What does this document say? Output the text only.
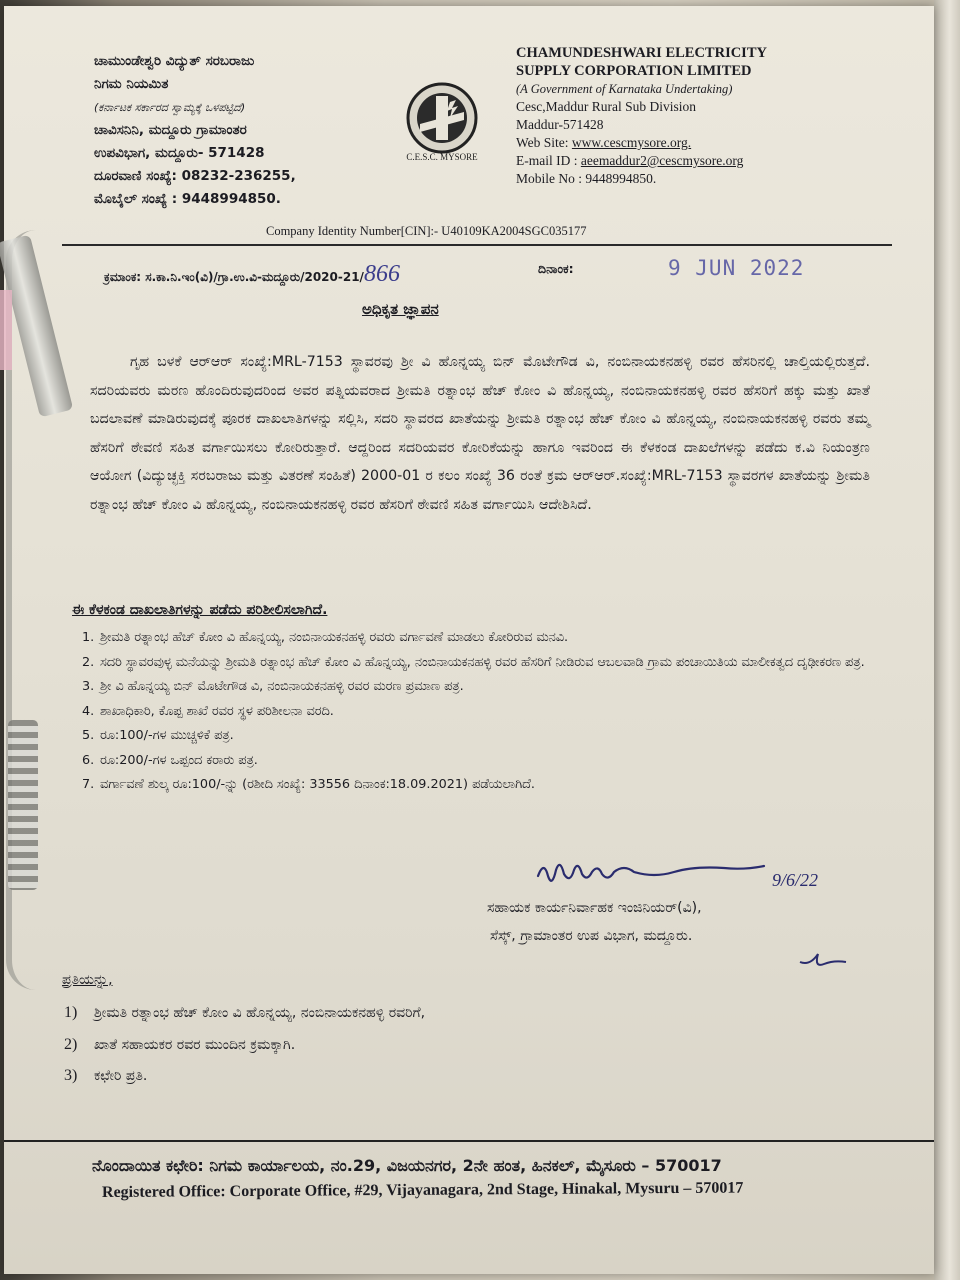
ಚಾಮುಂಡೇಶ್ವರಿ ವಿದ್ಯುತ್ ಸರಬರಾಜು
ನಿಗಮ ನಿಯಮಿತ
(ಕರ್ನಾಟಕ ಸರ್ಕಾರದ ಸ್ವಾಮ್ಯಕ್ಕೆ ಒಳಪಟ್ಟಿದೆ)
ಚಾವಿಸನಿನಿ, ಮದ್ದೂರು ಗ್ರಾಮಾಂತರ
ಉಪವಿಭಾಗ, ಮದ್ದೂರು- 571428
ದೂರವಾಣಿ ಸಂಖ್ಯೆ: 08232-236255,
ಮೊಬೈಲ್ ಸಂಖ್ಯೆ : 9448994850.
C.E.S.C. MYSORE
CHAMUNDESHWARI ELECTRICITY
SUPPLY CORPORATION LIMITED
(A Government of Karnataka Undertaking)
Cesc,Maddur Rural Sub Division
Maddur-571428
Web Site: www.cescmysore.org.
E-mail ID : aeemaddur2@cescmysore.org
Mobile No : 9448994850.
Company Identity Number[CIN]:- U40109KA2004SGC035177
ಕ್ರಮಾಂಕ: ಸ.ಕಾ.ನಿ.ಇಂ(ವಿ)/ಗ್ರಾ.ಉ.ವಿ-ಮದ್ದೂರು/2020-21/866	ದಿನಾಂಕ:	9 JUN 2022
ಅಧಿಕೃತ ಜ್ಞಾಪನ
ಗೃಹ ಬಳಕೆ ಆರ್‌ಆರ್ ಸಂಖ್ಯೆ:MRL-7153 ಸ್ಥಾವರವು ಶ್ರೀ ವಿ ಹೊನ್ನಯ್ಯ ಬಿನ್ ಮೊಟೇಗೌಡ ವಿ, ನಂಬಿನಾಯಕನಹಳ್ಳಿ ರವರ ಹೆಸರಿನಲ್ಲಿ ಚಾಲ್ತಿಯಲ್ಲಿರುತ್ತದೆ. ಸದರಿಯವರು ಮರಣ ಹೊಂದಿರುವುದರಿಂದ ಅವರ ಪತ್ನಿಯವರಾದ ಶ್ರೀಮತಿ ರತ್ನಾಂಭ ಹೆಚ್ ಕೋಂ ವಿ ಹೊನ್ನಯ್ಯ, ನಂಬಿನಾಯಕನಹಳ್ಳಿ ರವರ ಹೆಸರಿಗೆ ಹಕ್ಕು ಮತ್ತು ಖಾತೆ ಬದಲಾವಣೆ ಮಾಡಿರುವುದಕ್ಕೆ ಪೂರಕ ದಾಖಲಾತಿಗಳನ್ನು ಸಲ್ಲಿಸಿ, ಸದರಿ ಸ್ಥಾವರದ ಖಾತೆಯನ್ನು ಶ್ರೀಮತಿ ರತ್ನಾಂಭ ಹೆಚ್ ಕೋಂ ವಿ ಹೊನ್ನಯ್ಯ, ನಂಬಿನಾಯಕನಹಳ್ಳಿ ರವರು ತಮ್ಮ ಹೆಸರಿಗೆ ಠೇವಣಿ ಸಹಿತ ವರ್ಗಾಯಿಸಲು ಕೋರಿರುತ್ತಾರೆ. ಆದ್ದರಿಂದ ಸದರಿಯವರ ಕೋರಿಕೆಯನ್ನು ಹಾಗೂ ಇವರಿಂದ ಈ ಕೆಳಕಂಡ ದಾಖಲೆಗಳನ್ನು ಪಡೆದು ಕ.ವಿ ನಿಯಂತ್ರಣ ಆಯೋಗ (ವಿದ್ಯುಚ್ಛಕ್ತಿ ಸರಬರಾಜು ಮತ್ತು ವಿತರಣೆ ಸಂಹಿತೆ) 2000-01 ರ ಕಲಂ ಸಂಖ್ಯೆ 36 ರಂತೆ ಕ್ರಮ ಆರ್‌ಆರ್.ಸಂಖ್ಯೆ:MRL-7153 ಸ್ಥಾವರಗಳ ಖಾತೆಯನ್ನು ಶ್ರೀಮತಿ ರತ್ನಾಂಭ ಹೆಚ್ ಕೋಂ ವಿ ಹೊನ್ನಯ್ಯ, ನಂಬಿನಾಯಕನಹಳ್ಳಿ ರವರ ಹೆಸರಿಗೆ ಠೇವಣಿ ಸಹಿತ ವರ್ಗಾಯಿಸಿ ಆದೇಶಿಸಿದೆ.
ಈ ಕೆಳಕಂಡ ದಾಖಲಾತಿಗಳನ್ನು ಪಡೆದು ಪರಿಶೀಲಿಸಲಾಗಿದೆ.
1. ಶ್ರೀಮತಿ ರತ್ನಾಂಭ ಹೆಚ್ ಕೋಂ ವಿ ಹೊನ್ನಯ್ಯ, ನಂಬಿನಾಯಕನಹಳ್ಳಿ ರವರು ವರ್ಗಾವಣೆ ಮಾಡಲು ಕೋರಿರುವ ಮನವಿ.
2. ಸದರಿ ಸ್ಥಾವರವುಳ್ಳ ಮನೆಯನ್ನು ಶ್ರೀಮತಿ ರತ್ನಾಂಭ ಹೆಚ್ ಕೋಂ ವಿ ಹೊನ್ನಯ್ಯ, ನಂಬಿನಾಯಕನಹಳ್ಳಿ ರವರ ಹೆಸರಿಗೆ ನೀಡಿರುವ ಆಬಲವಾಡಿ ಗ್ರಾಮ ಪಂಚಾಯಿತಿಯ ಮಾಲೀಕತ್ವದ ದೃಢೀಕರಣ ಪತ್ರ.
3. ಶ್ರೀ ವಿ ಹೊನ್ನಯ್ಯ ಬಿನ್ ಮೊಟೇಗೌಡ ವಿ, ನಂಬಿನಾಯಕನಹಳ್ಳಿ ರವರ ಮರಣ ಪ್ರಮಾಣ ಪತ್ರ.
4. ಶಾಖಾಧಿಕಾರಿ, ಕೊಪ್ಪ ಶಾಖೆ ರವರ ಸ್ಥಳ ಪರಿಶೀಲನಾ ವರದಿ.
5. ರೂ:100/-ಗಳ ಮುಚ್ಚಳಿಕೆ ಪತ್ರ.
6. ರೂ:200/-ಗಳ ಒಪ್ಪಂದ ಕರಾರು ಪತ್ರ.
7. ವರ್ಗಾವಣೆ ಶುಲ್ಕ ರೂ:100/-ನ್ನು (ರಶೀದಿ ಸಂಖ್ಯೆ: 33556 ದಿನಾಂಕ:18.09.2021) ಪಡೆಯಲಾಗಿದೆ.
9/6/22
ಸಹಾಯಕ ಕಾರ್ಯನಿರ್ವಾಹಕ ಇಂಜಿನಿಯರ್(ವಿ),
ಸೆಸ್ಕ್, ಗ್ರಾಮಾಂತರ ಉಪ ವಿಭಾಗ, ಮದ್ದೂರು.
ಪ್ರತಿಯನ್ನು,
1) ಶ್ರೀಮತಿ ರತ್ನಾಂಭ ಹೆಚ್ ಕೋಂ ವಿ ಹೊನ್ನಯ್ಯ, ನಂಬಿನಾಯಕನಹಳ್ಳಿ ರವರಿಗೆ,
2) ಖಾತೆ ಸಹಾಯಕರ ರವರ ಮುಂದಿನ ಕ್ರಮಕ್ಕಾಗಿ.
3) ಕಛೇರಿ ಪ್ರತಿ.
ನೊಂದಾಯಿತ ಕಛೇರಿ: ನಿಗಮ ಕಾರ್ಯಾಲಯ, ನಂ.29, ವಿಜಯನಗರ, 2ನೇ ಹಂತ, ಹಿನಕಲ್, ಮೈಸೂರು – 570017
Registered Office: Corporate Office, #29, Vijayanagara, 2nd Stage, Hinakal, Mysuru – 570017
